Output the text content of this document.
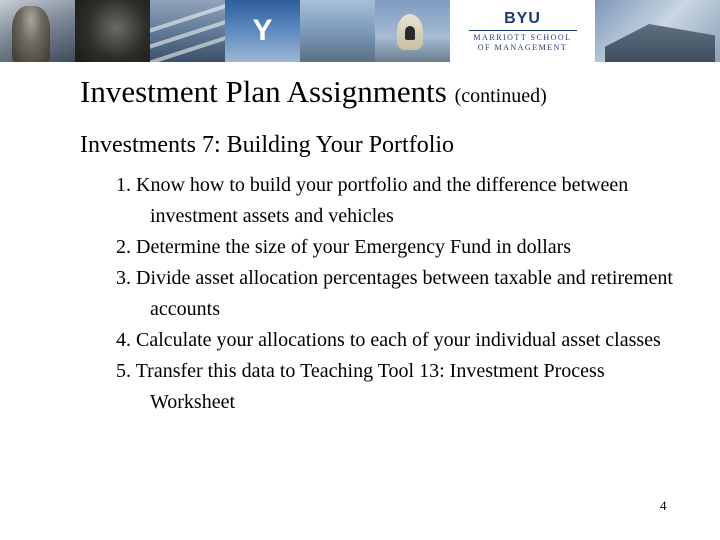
Y	BYU
MARRIOTT SCHOOL
OF MANAGEMENT
Investment Plan Assignments (continued)
Investments 7: Building Your Portfolio
1. Know how to build your portfolio and the difference between investment assets and vehicles
2. Determine the size of your Emergency Fund in dollars
3. Divide asset allocation percentages between taxable and retirement accounts
4. Calculate your allocations to each of your individual asset classes
5. Transfer this data to Teaching Tool 13: Investment Process Worksheet
4
